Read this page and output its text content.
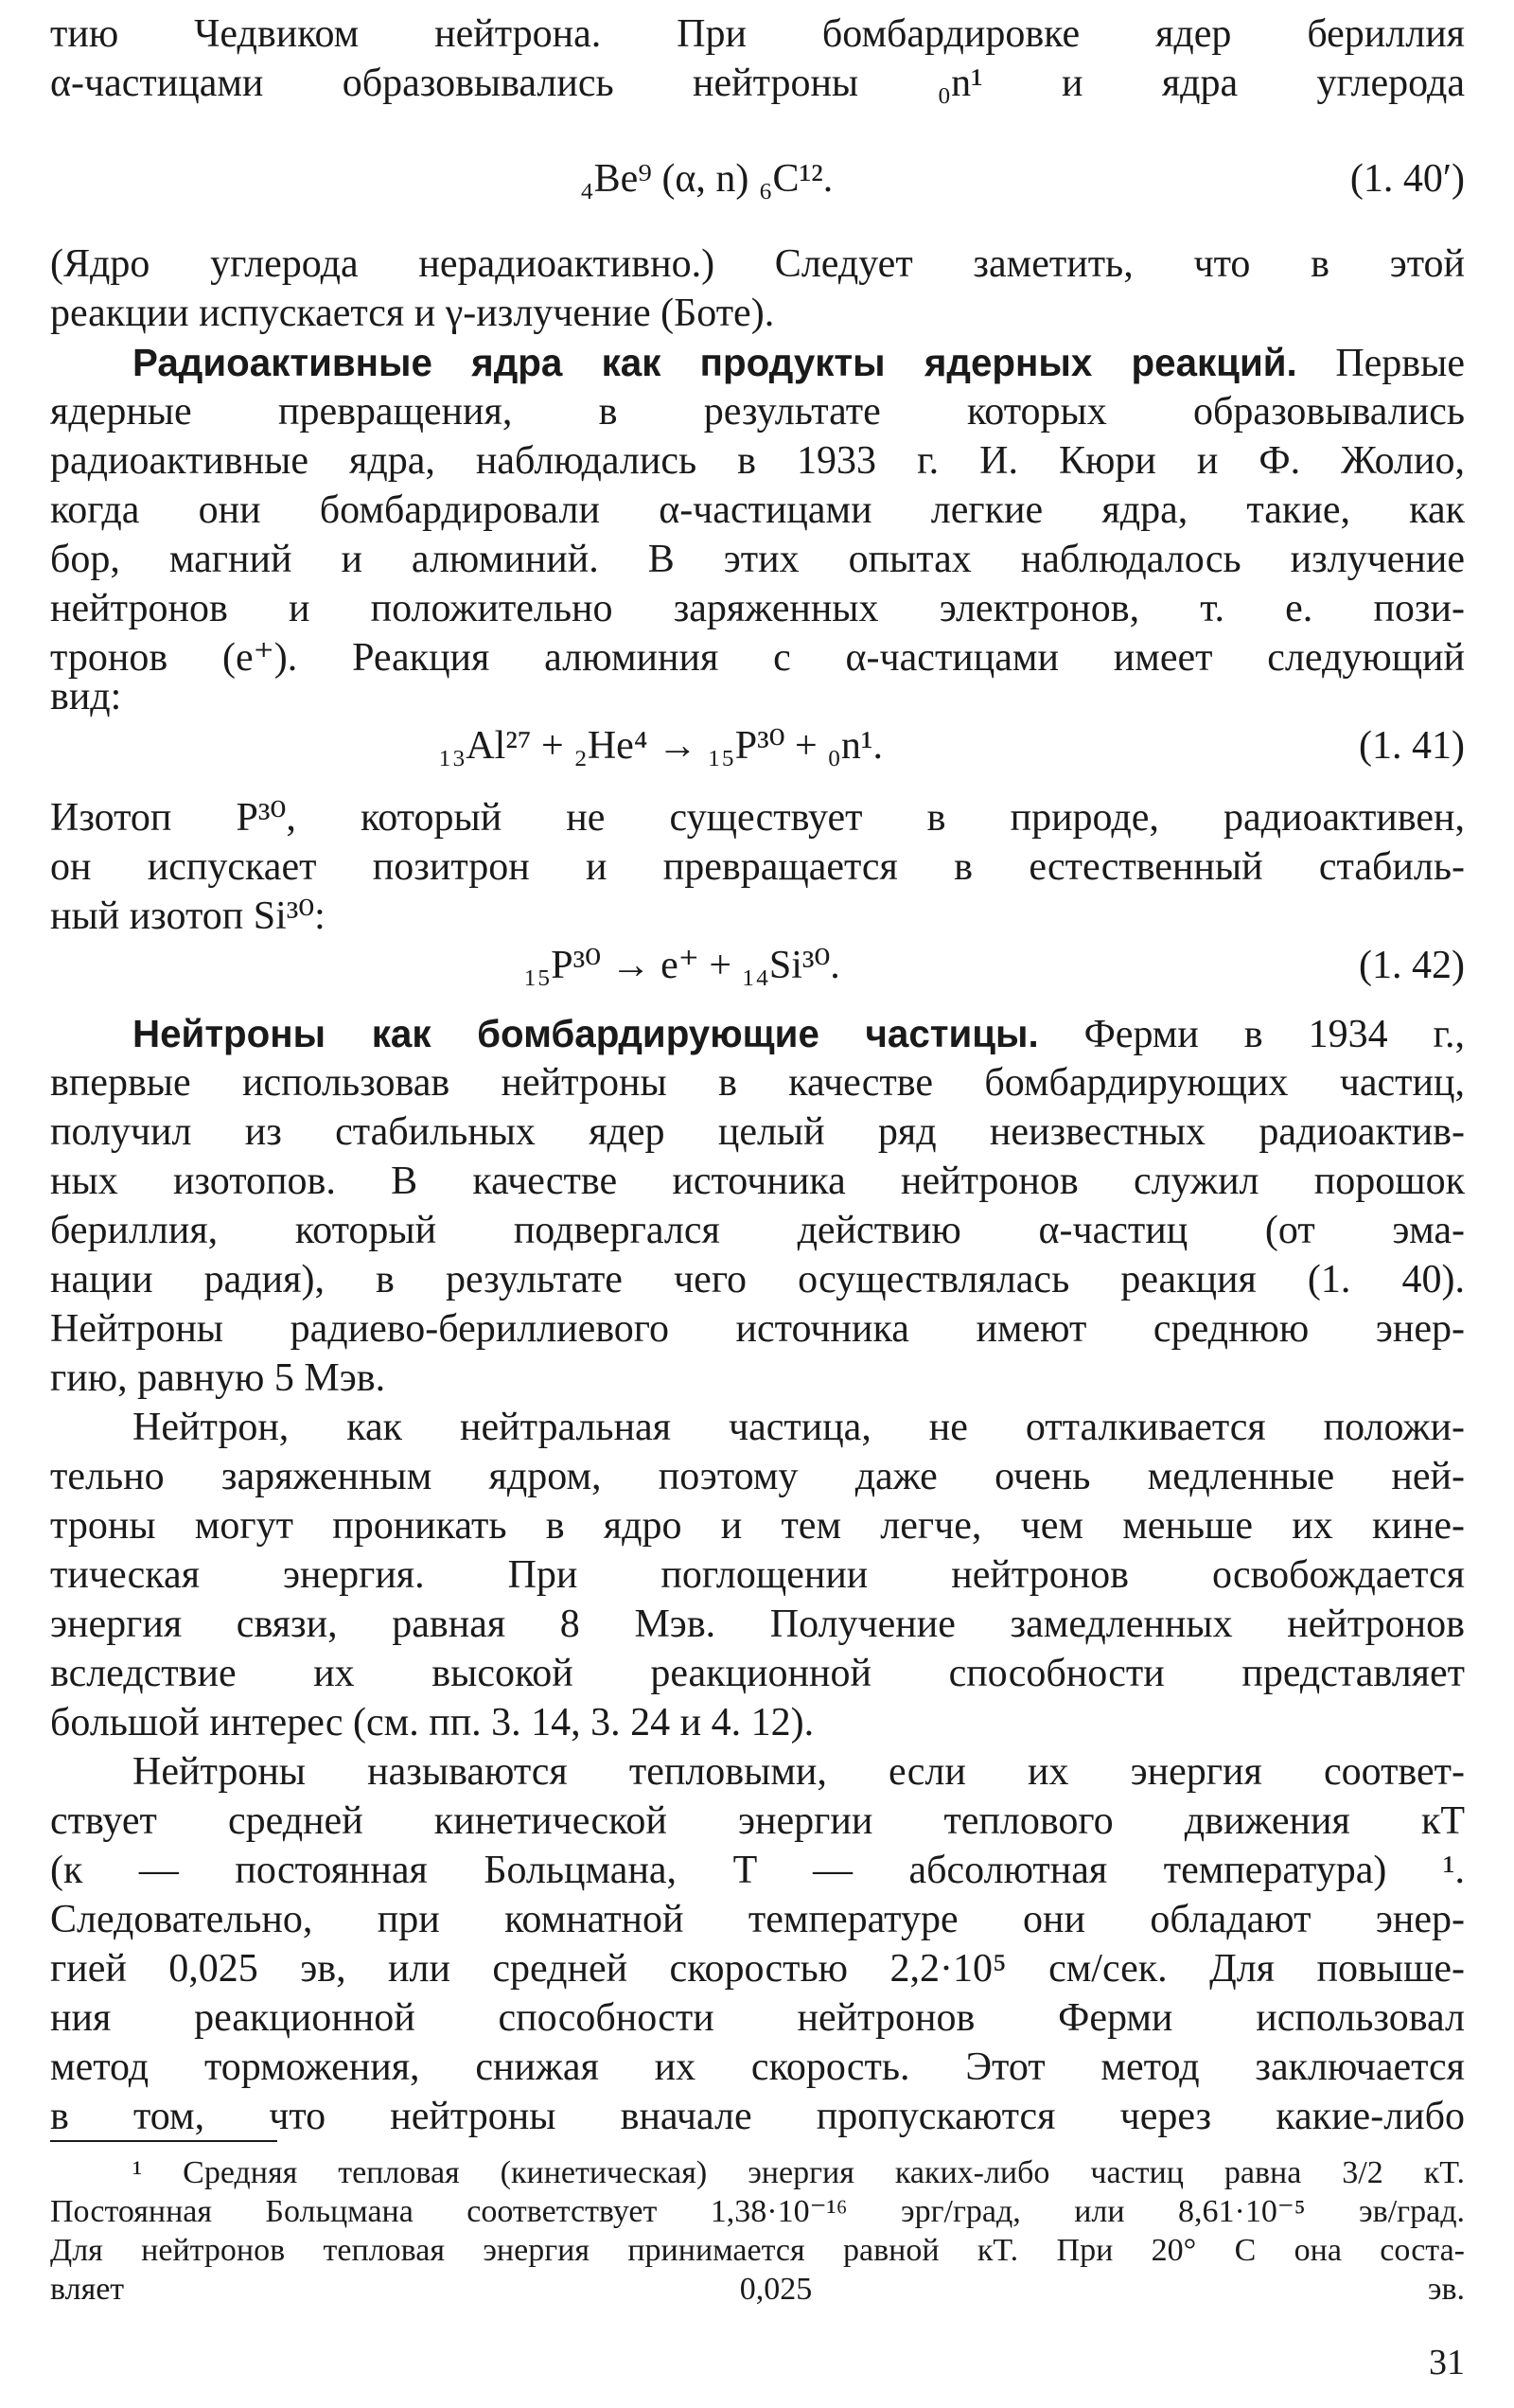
тию Чедвиком нейтрона. При бомбардировке ядер бериллия
α-частицами образовывались нейтроны ₀n¹ и ядра углерода
₄Be⁹ (α, n) ₆C¹².	(1. 40′)
(Ядро углерода нерадиоактивно.) Следует заметить, что в этой
реакции испускается и γ-излучение (Боте).
Радиоактивные ядра как продукты ядерных реакций. Первые
ядерные превращения, в результате которых образовывались
радиоактивные ядра, наблюдались в 1933 г. И. Кюри и Ф. Жолио,
когда они бомбардировали α-частицами легкие ядра, такие, как
бор, магний и алюминий. В этих опытах наблюдалось излучение
нейтронов и положительно заряженных электронов, т. е. пози-
тронов (e⁺). Реакция алюминия с α-частицами имеет следующий
вид:
₁₃Al²⁷ + ₂He⁴ → ₁₅P³⁰ + ₀n¹.	(1. 41)
Изотоп P³⁰, который не существует в природе, радиоактивен,
он испускает позитрон и превращается в естественный стабиль-
ный изотоп Si³⁰:
₁₅P³⁰ → e⁺ + ₁₄Si³⁰.	(1. 42)
Нейтроны как бомбардирующие частицы. Ферми в 1934 г.,
впервые использовав нейтроны в качестве бомбардирующих частиц,
получил из стабильных ядер целый ряд неизвестных радиоактив-
ных изотопов. В качестве источника нейтронов служил порошок
бериллия, который подвергался действию α-частиц (от эма-
нации радия), в результате чего осуществлялась реакция (1. 40).
Нейтроны радиево-бериллиевого источника имеют среднюю энер-
гию, равную 5 Мэв.
Нейтрон, как нейтральная частица, не отталкивается положи-
тельно заряженным ядром, поэтому даже очень медленные ней-
троны могут проникать в ядро и тем легче, чем меньше их кине-
тическая энергия. При поглощении нейтронов освобождается
энергия связи, равная 8 Мэв. Получение замедленных нейтронов
вследствие их высокой реакционной способности представляет
большой интерес (см. пп. 3. 14, 3. 24 и 4. 12).
Нейтроны называются тепловыми, если их энергия соответ-
ствует средней кинетической энергии теплового движения кT
(к — постоянная Больцмана, T — абсолютная температура) ¹.
Следовательно, при комнатной температуре они обладают энер-
гией 0,025 эв, или средней скоростью 2,2·10⁵ см/сек. Для повыше-
ния реакционной способности нейтронов Ферми использовал
метод торможения, снижая их скорость. Этот метод заключается
в том, что нейтроны вначале пропускаются через какие-либо
¹ Средняя тепловая (кинетическая) энергия каких-либо частиц равна 3/2 кT.
Постоянная Больцмана соответствует 1,38·10⁻¹⁶ эрг/град, или 8,61·10⁻⁵ эв/град.
Для нейтронов тепловая энергия принимается равной кT. При 20° С она соста-
вляет 0,025 эв.
31
